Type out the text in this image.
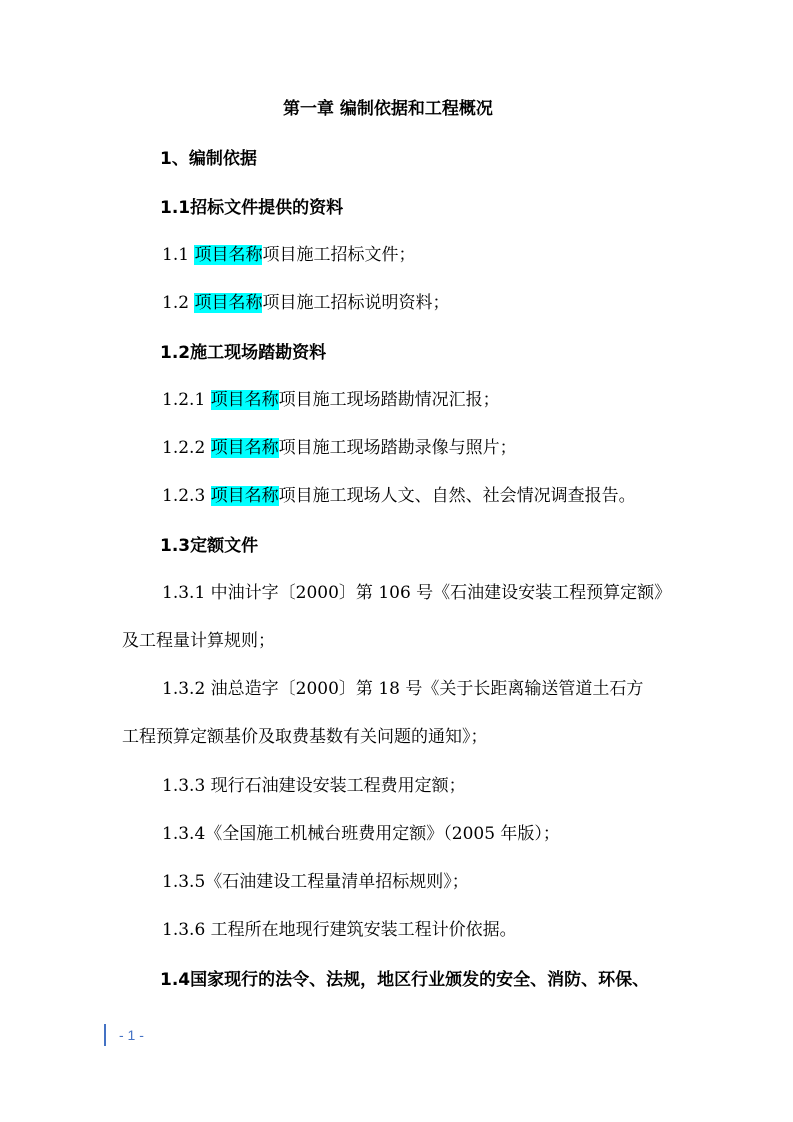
第一章 编制依据和工程概况
1、编制依据
1.1招标文件提供的资料
1.1 项目名称项目施工招标文件；
1.2 项目名称项目施工招标说明资料；
1.2施工现场踏勘资料
1.2.1 项目名称项目施工现场踏勘情况汇报；
1.2.2 项目名称项目施工现场踏勘录像与照片；
1.2.3 项目名称项目施工现场人文、自然、社会情况调查报告。
1.3定额文件
1.3.1 中油计字〔2000〕第 106 号《石油建设安装工程预算定额》
及工程量计算规则；
1.3.2 油总造字〔2000〕第 18 号《关于长距离输送管道土石方
工程预算定额基价及取费基数有关问题的通知》；
1.3.3 现行石油建设安装工程费用定额；
1.3.4《全国施工机械台班费用定额》（2005 年版）；
1.3.5《石油建设工程量清单招标规则》；
1.3.6 工程所在地现行建筑安装工程计价依据。
1.4国家现行的法令、法规，地区行业颁发的安全、消防、环保、
- 1 -
